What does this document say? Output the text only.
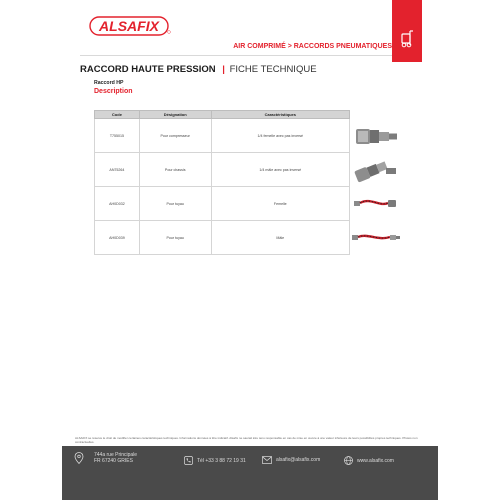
ALSAFIX
AIR COMPRIMÉ > RACCORDS PNEUMATIQUES
RACCORD HAUTE PRESSION | FICHE TECHNIQUE
Raccord HP
Description
Code	Désignation	Caractéristiques
T755015	Pour compresseur	1/4 femelle avec pas inversé
AN75264	Pour chassis	1/4 mâle avec pas inversé
AH0D032	Pour tuyau	Femelle
AH0D039	Pour tuyau	Mâle
ALSAFIX se réserve le droit de modifier certaines caractéristiques techniques. Informations données à titre indicatif. Alsafix ne saurait être tenu responsable en cas de mise en œuvre à une valeur inférieure de leurs possibilités propres techniques. Photos non contractuelles.
744a rue Principale
FR 67240 GRIES	Tél +33 3 88 72 19 31	alsafix@alsafix.com	www.alsafix.com
